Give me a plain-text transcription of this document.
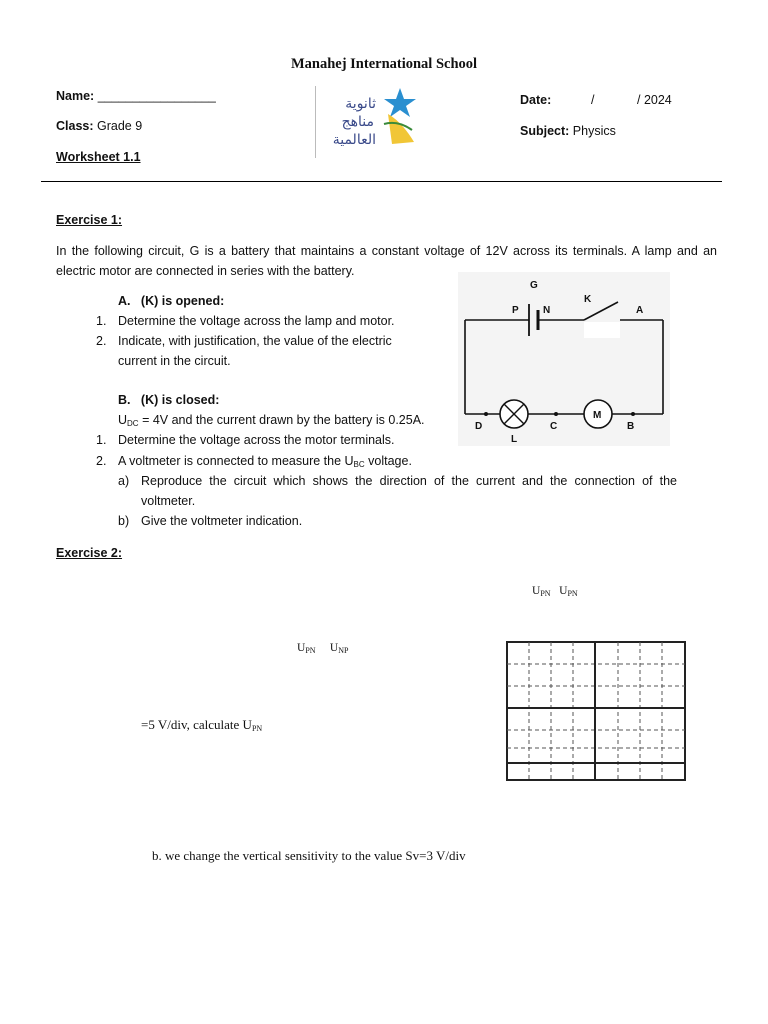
Manahej International School
Name: _________________
Class: Grade 9
Worksheet 1.1
ثانوية
مناهج
العالمية
Date:	/	/ 2024
Subject: Physics
Exercise 1:
In the following circuit, G is a battery that maintains a constant voltage of 12V across its terminals. A lamp and an
electric motor are connected in series with the battery.
A. (K) is opened:
1. Determine the voltage across the lamp and motor.
2. Indicate, with justification, the value of the electric
current in the circuit.
B. (K) is closed:
$U_{DC} = 4V$ and the current drawn by the battery is 0.25A.
1. Determine the voltage across the motor terminals.
2. A voltmeter is connected to measure the $U_{BC}$ voltage.
a) Reproduce the circuit which shows the direction of the current and the connection of the
voltmeter.
b) Give the voltmeter indication.
G
P N
K
A
D
L
C
M
B
Exercise 2:
$U_{PN}$ $U_{PN}$
$U_{PN}$ $U_{NP}$
=5 V/div, calculate $U_{PN}$
b. we change the vertical sensitivity to the value Sv=3 V/div
